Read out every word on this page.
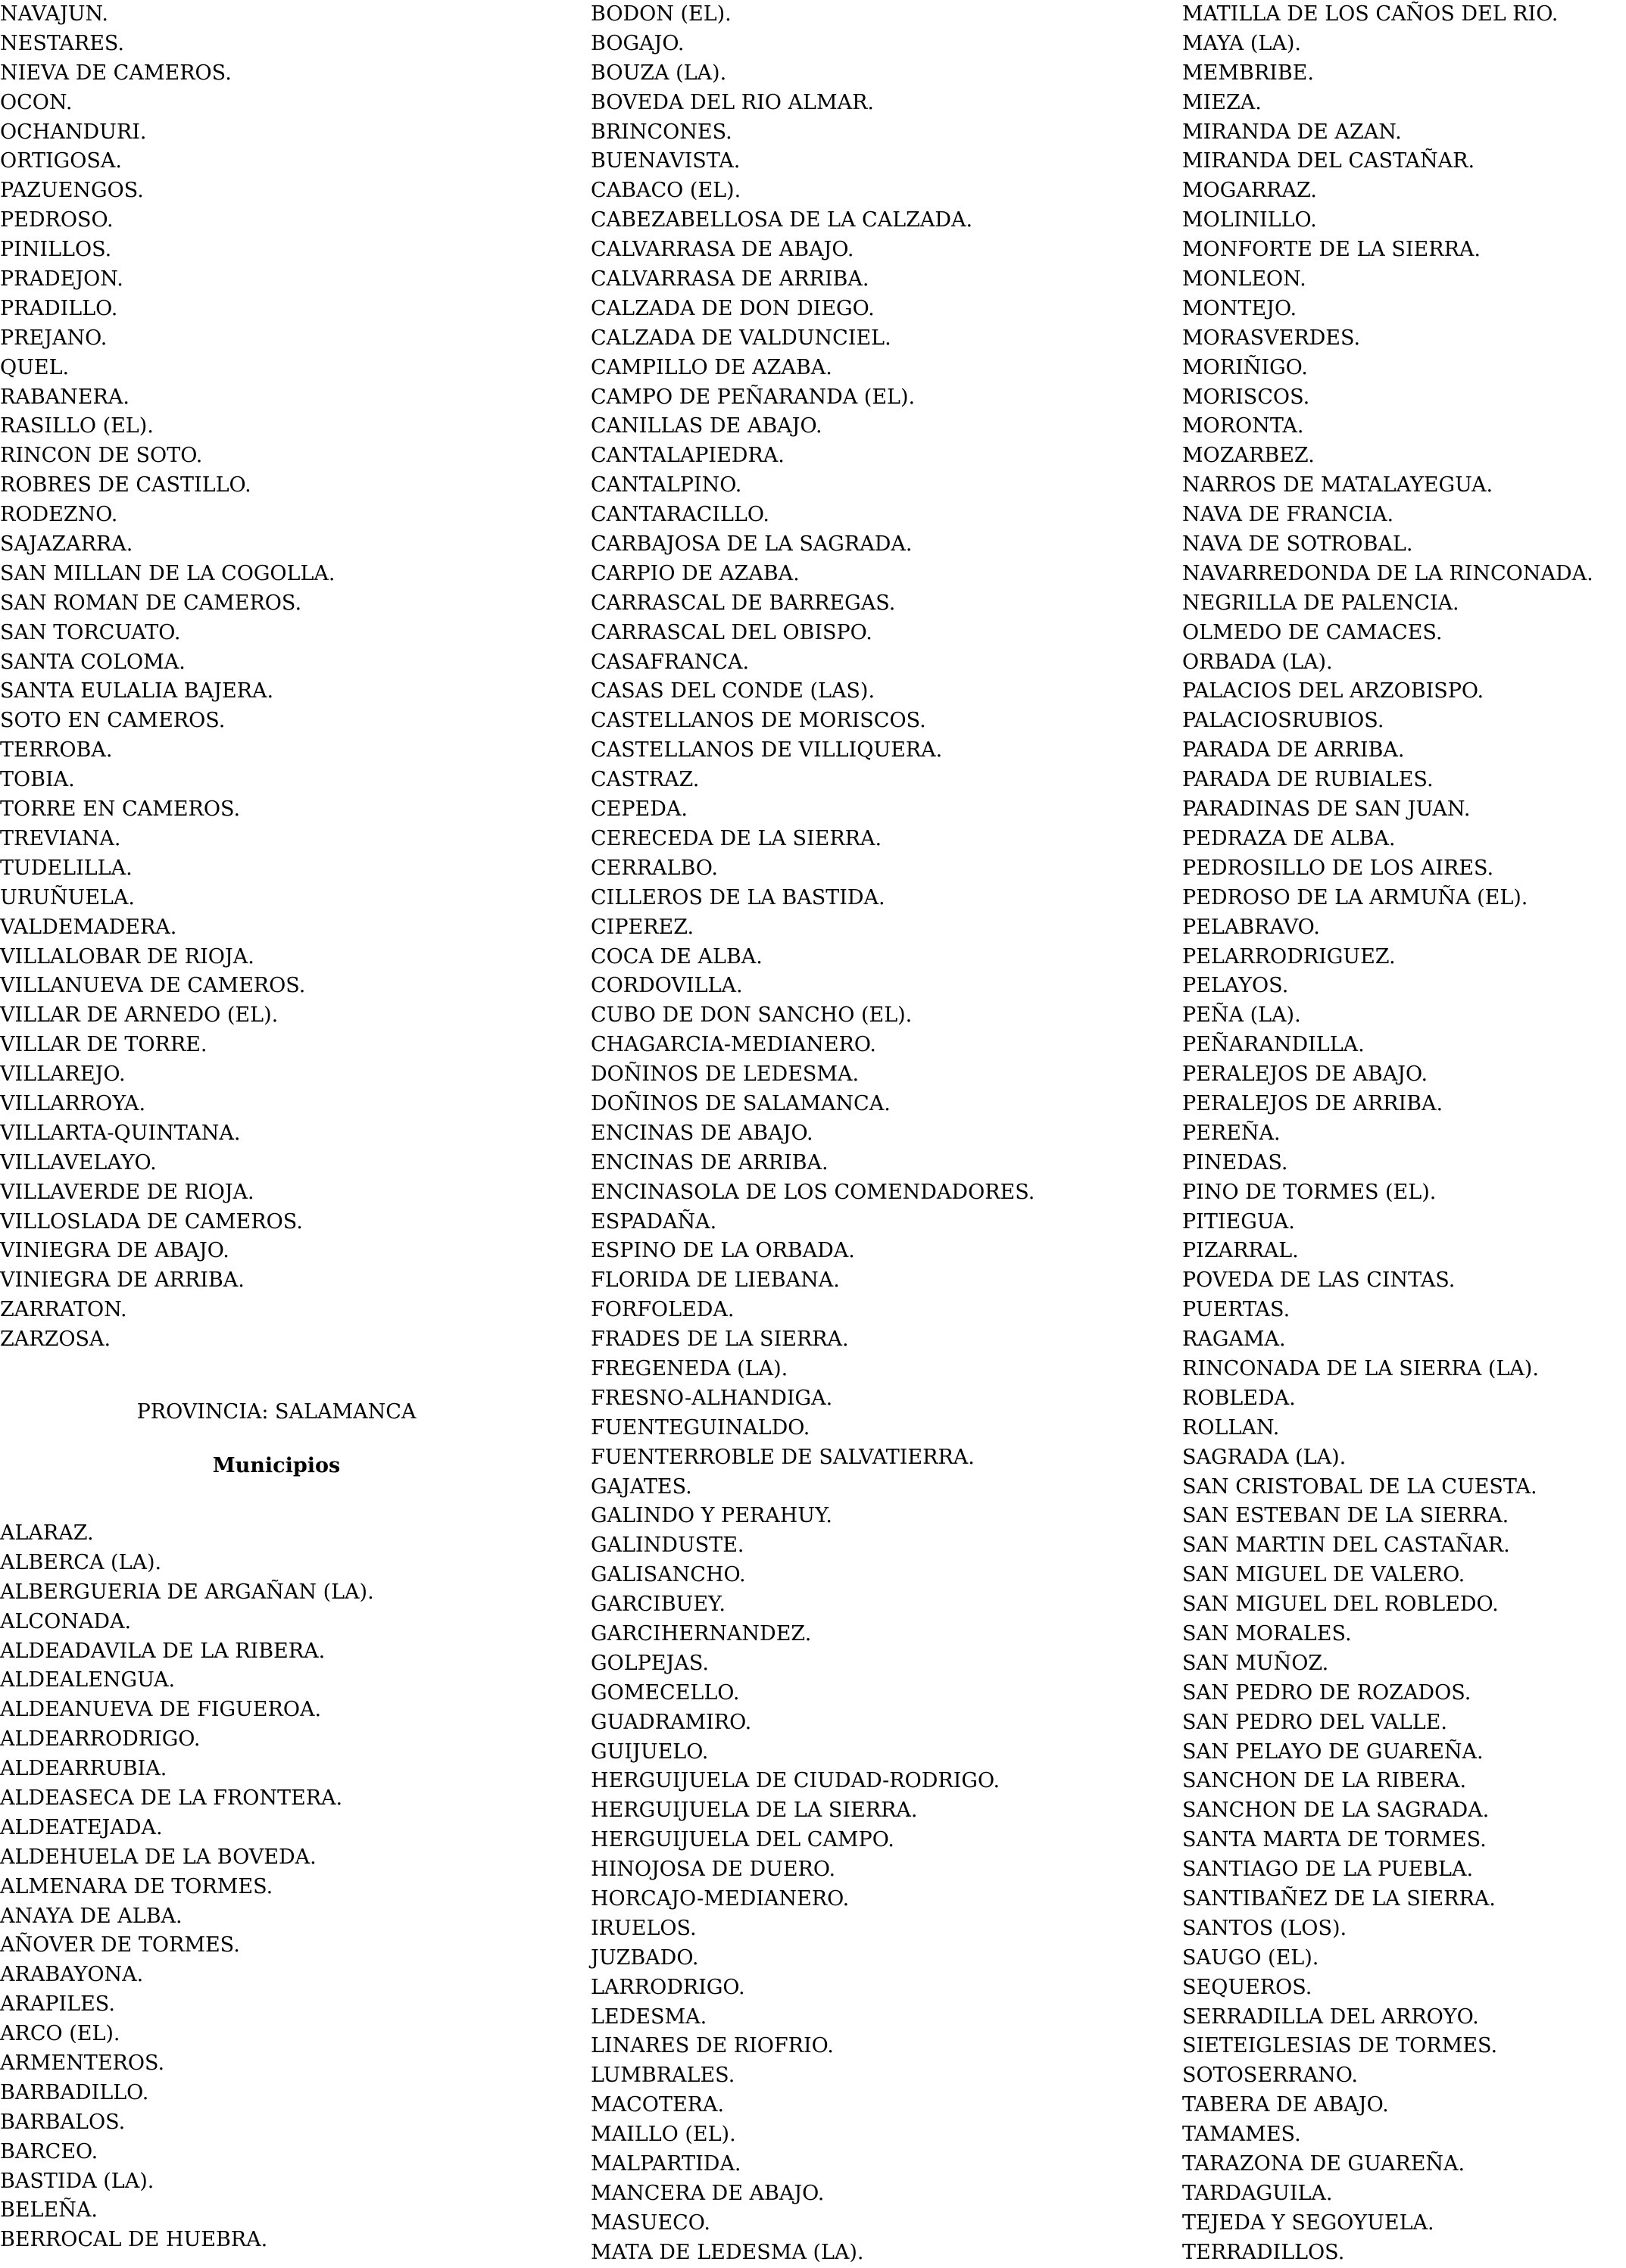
NAVAJUN.
NESTARES.
NIEVA DE CAMEROS.
OCON.
OCHANDURI.
ORTIGOSA.
PAZUENGOS.
PEDROSO.
PINILLOS.
PRADEJON.
PRADILLO.
PREJANO.
QUEL.
RABANERA.
RASILLO (EL).
RINCON DE SOTO.
ROBRES DE CASTILLO.
RODEZNO.
SAJAZARRA.
SAN MILLAN DE LA COGOLLA.
SAN ROMAN DE CAMEROS.
SAN TORCUATO.
SANTA COLOMA.
SANTA EULALIA BAJERA.
SOTO EN CAMEROS.
TERROBA.
TOBIA.
TORRE EN CAMEROS.
TREVIANA.
TUDELILLA.
URUÑUELA.
VALDEMADERA.
VILLALOBAR DE RIOJA.
VILLANUEVA DE CAMEROS.
VILLAR DE ARNEDO (EL).
VILLAR DE TORRE.
VILLAREJO.
VILLARROYA.
VILLARTA-QUINTANA.
VILLAVELAYO.
VILLAVERDE DE RIOJA.
VILLOSLADA DE CAMEROS.
VINIEGRA DE ABAJO.
VINIEGRA DE ARRIBA.
ZARRATON.
ZARZOSA.
PROVINCIA: SALAMANCA
Municipios
ALARAZ.
ALBERCA (LA).
ALBERGUERIA DE ARGAÑAN (LA).
ALCONADA.
ALDEADAVILA DE LA RIBERA.
ALDEALENGUA.
ALDEANUEVA DE FIGUEROA.
ALDEARRODRIGO.
ALDEARRUBIA.
ALDEASECA DE LA FRONTERA.
ALDEATEJADA.
ALDEHUELA DE LA BOVEDA.
ALMENARA DE TORMES.
ANAYA DE ALBA.
AÑOVER DE TORMES.
ARABAYONA.
ARAPILES.
ARCO (EL).
ARMENTEROS.
BARBADILLO.
BARBALOS.
BARCEO.
BASTIDA (LA).
BELEÑA.
BERROCAL DE HUEBRA.
BODON (EL).
BOGAJO.
BOUZA (LA).
BOVEDA DEL RIO ALMAR.
BRINCONES.
BUENAVISTA.
CABACO (EL).
CABEZABELLOSA DE LA CALZADA.
CALVARRASA DE ABAJO.
CALVARRASA DE ARRIBA.
CALZADA DE DON DIEGO.
CALZADA DE VALDUNCIEL.
CAMPILLO DE AZABA.
CAMPO DE PEÑARANDA (EL).
CANILLAS DE ABAJO.
CANTALAPIEDRA.
CANTALPINO.
CANTARACILLO.
CARBAJOSA DE LA SAGRADA.
CARPIO DE AZABA.
CARRASCAL DE BARREGAS.
CARRASCAL DEL OBISPO.
CASAFRANCA.
CASAS DEL CONDE (LAS).
CASTELLANOS DE MORISCOS.
CASTELLANOS DE VILLIQUERA.
CASTRAZ.
CEPEDA.
CERECEDA DE LA SIERRA.
CERRALBO.
CILLEROS DE LA BASTIDA.
CIPEREZ.
COCA DE ALBA.
CORDOVILLA.
CUBO DE DON SANCHO (EL).
CHAGARCIA-MEDIANERO.
DOÑINOS DE LEDESMA.
DOÑINOS DE SALAMANCA.
ENCINAS DE ABAJO.
ENCINAS DE ARRIBA.
ENCINASOLA DE LOS COMENDADORES.
ESPADAÑA.
ESPINO DE LA ORBADA.
FLORIDA DE LIEBANA.
FORFOLEDA.
FRADES DE LA SIERRA.
FREGENEDA (LA).
FRESNO-ALHANDIGA.
FUENTEGUINALDO.
FUENTERROBLE DE SALVATIERRA.
GAJATES.
GALINDO Y PERAHUY.
GALINDUSTE.
GALISANCHO.
GARCIBUEY.
GARCIHERNANDEZ.
GOLPEJAS.
GOMECELLO.
GUADRAMIRO.
GUIJUELO.
HERGUIJUELA DE CIUDAD-RODRIGO.
HERGUIJUELA DE LA SIERRA.
HERGUIJUELA DEL CAMPO.
HINOJOSA DE DUERO.
HORCAJO-MEDIANERO.
IRUELOS.
JUZBADO.
LARRODRIGO.
LEDESMA.
LINARES DE RIOFRIO.
LUMBRALES.
MACOTERA.
MAILLO (EL).
MALPARTIDA.
MANCERA DE ABAJO.
MASUECO.
MATA DE LEDESMA (LA).
MATILLA DE LOS CAÑOS DEL RIO.
MAYA (LA).
MEMBRIBE.
MIEZA.
MIRANDA DE AZAN.
MIRANDA DEL CASTAÑAR.
MOGARRAZ.
MOLINILLO.
MONFORTE DE LA SIERRA.
MONLEON.
MONTEJO.
MORASVERDES.
MORIÑIGO.
MORISCOS.
MORONTA.
MOZARBEZ.
NARROS DE MATALAYEGUA.
NAVA DE FRANCIA.
NAVA DE SOTROBAL.
NAVARREDONDA DE LA RINCONADA.
NEGRILLA DE PALENCIA.
OLMEDO DE CAMACES.
ORBADA (LA).
PALACIOS DEL ARZOBISPO.
PALACIOSRUBIOS.
PARADA DE ARRIBA.
PARADA DE RUBIALES.
PARADINAS DE SAN JUAN.
PEDRAZA DE ALBA.
PEDROSILLO DE LOS AIRES.
PEDROSO DE LA ARMUÑA (EL).
PELABRAVO.
PELARRODRIGUEZ.
PELAYOS.
PEÑA (LA).
PEÑARANDILLA.
PERALEJOS DE ABAJO.
PERALEJOS DE ARRIBA.
PEREÑA.
PINEDAS.
PINO DE TORMES (EL).
PITIEGUA.
PIZARRAL.
POVEDA DE LAS CINTAS.
PUERTAS.
RAGAMA.
RINCONADA DE LA SIERRA (LA).
ROBLEDA.
ROLLAN.
SAGRADA (LA).
SAN CRISTOBAL DE LA CUESTA.
SAN ESTEBAN DE LA SIERRA.
SAN MARTIN DEL CASTAÑAR.
SAN MIGUEL DE VALERO.
SAN MIGUEL DEL ROBLEDO.
SAN MORALES.
SAN MUÑOZ.
SAN PEDRO DE ROZADOS.
SAN PEDRO DEL VALLE.
SAN PELAYO DE GUAREÑA.
SANCHON DE LA RIBERA.
SANCHON DE LA SAGRADA.
SANTA MARTA DE TORMES.
SANTIAGO DE LA PUEBLA.
SANTIBAÑEZ DE LA SIERRA.
SANTOS (LOS).
SAUGO (EL).
SEQUEROS.
SERRADILLA DEL ARROYO.
SIETEIGLESIAS DE TORMES.
SOTOSERRANO.
TABERA DE ABAJO.
TAMAMES.
TARAZONA DE GUAREÑA.
TARDAGUILA.
TEJEDA Y SEGOYUELA.
TERRADILLOS.
